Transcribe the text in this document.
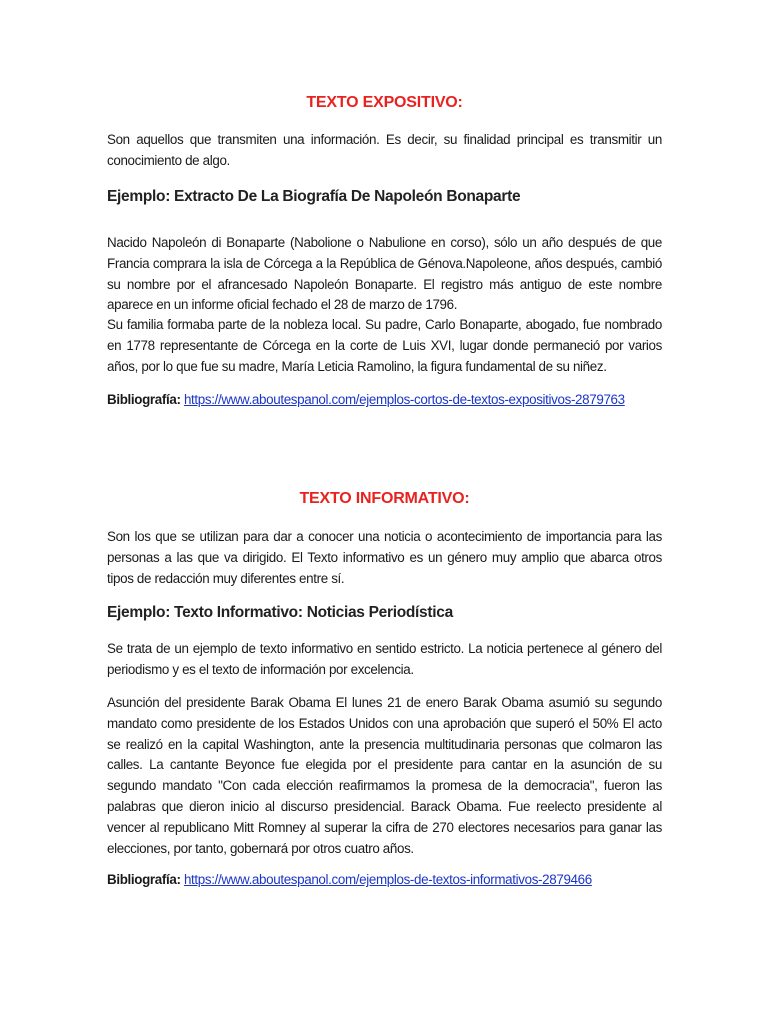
TEXTO EXPOSITIVO:

Son aquellos que transmiten una información. Es decir, su finalidad principal es transmitir un conocimiento de algo.

Ejemplo: Extracto De La Biografía De Napoleón Bonaparte

Nacido Napoleón di Bonaparte (Nabolione o Nabulione en corso), sólo un año después de que Francia comprara la isla de Córcega a la República de Génova.Napoleone, años después, cambió su nombre por el afrancesado Napoleón Bonaparte. El registro más antiguo de este nombre aparece en un informe oficial fechado el 28 de marzo de 1796.

Su familia formaba parte de la nobleza local. Su padre, Carlo Bonaparte, abogado, fue nombrado en 1778 representante de Córcega en la corte de Luis XVI, lugar donde permaneció por varios años, por lo que fue su madre, María Leticia Ramolino, la figura fundamental de su niñez.

Bibliografía: https://www.aboutespanol.com/ejemplos-cortos-de-textos-expositivos-2879763

TEXTO INFORMATIVO:

Son los que se utilizan para dar a conocer una noticia o acontecimiento de importancia para las personas a las que va dirigido. El Texto informativo es un género muy amplio que abarca otros tipos de redacción muy diferentes entre sí.

Ejemplo: Texto Informativo: Noticias Periodística

Se trata de un ejemplo de texto informativo en sentido estricto. La noticia pertenece al género del periodismo y es el texto de información por excelencia.

Asunción del presidente Barak Obama El lunes 21 de enero Barak Obama asumió su segundo mandato como presidente de los Estados Unidos con una aprobación que superó el 50% El acto se realizó en la capital Washington, ante la presencia multitudinaria personas que colmaron las calles. La cantante Beyonce fue elegida por el presidente para cantar en la asunción de su segundo mandato "Con cada elección reafirmamos la promesa de la democracia", fueron las palabras que dieron inicio al discurso presidencial. Barack Obama. Fue reelecto presidente al vencer al republicano Mitt Romney al superar la cifra de 270 electores necesarios para ganar las elecciones, por tanto, gobernará por otros cuatro años.

Bibliografía: https://www.aboutespanol.com/ejemplos-de-textos-informativos-2879466
